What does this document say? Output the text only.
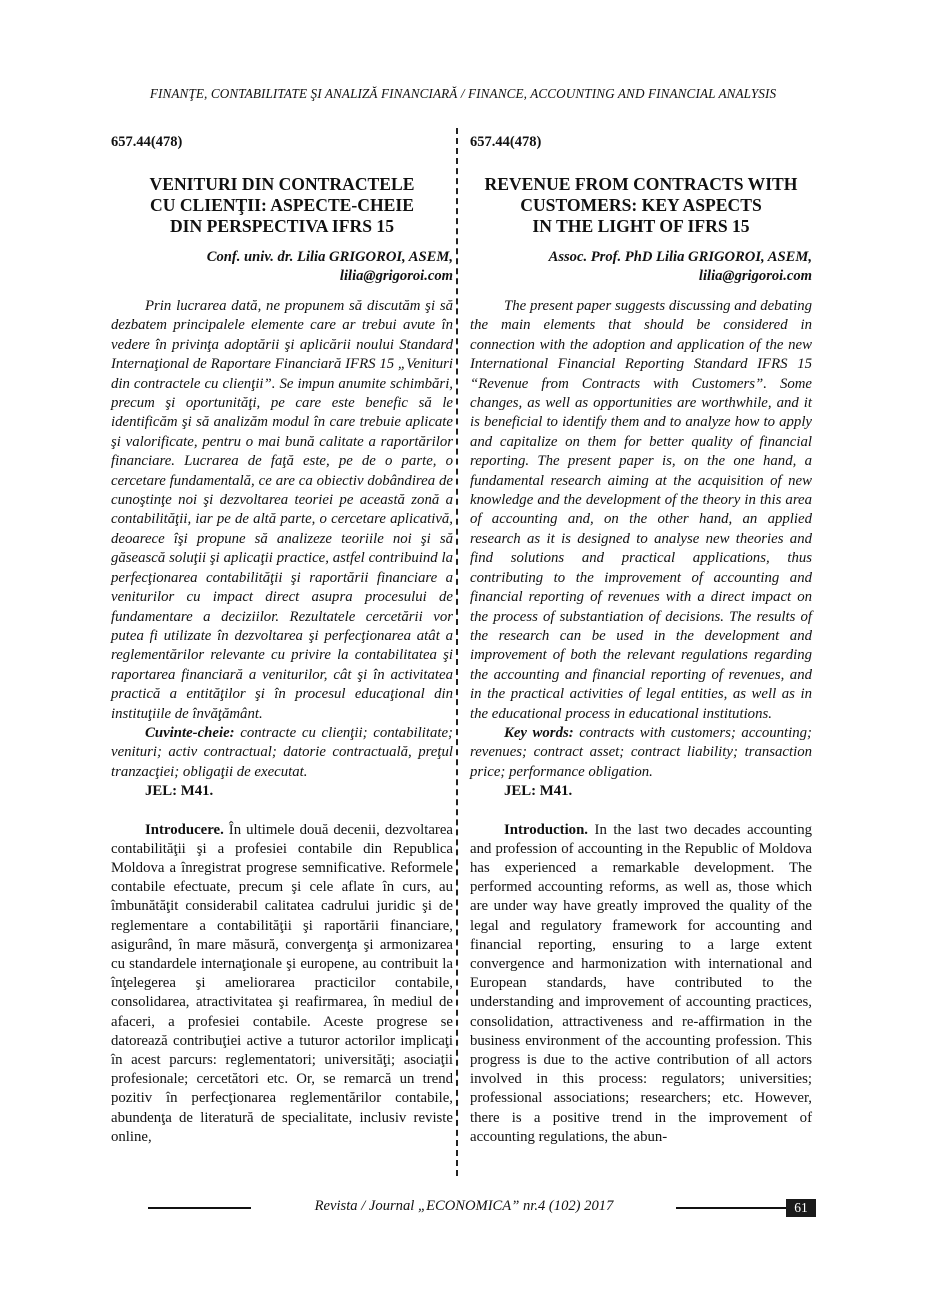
FINANŢE, CONTABILITATE ŞI ANALIZĂ FINANCIARĂ / FINANCE, ACCOUNTING AND FINANCIAL ANALYSIS

657.44(478)

VENITURI DIN CONTRACTELE
CU CLIENŢII: ASPECTE-CHEIE
DIN PERSPECTIVA IFRS 15
Conf. univ. dr. Lilia GRIGOROI, ASEM,
lilia@grigoroi.com

Prin lucrarea dată, ne propunem să discutăm şi să dezbatem principalele elemente care ar trebui avute în vedere în privinţa adoptării şi aplicării noului Standard Internaţional de Raportare Financiară IFRS 15 „Venituri din contractele cu clienţii”. Se impun anumite schimbări, precum şi oportunităţi, pe care este benefic să le identificăm şi să analizăm modul în care trebuie aplicate şi valorificate, pentru o mai bună calitate a raportărilor financiare. Lucrarea de faţă este, pe de o parte, o cercetare fundamentală, ce are ca obiectiv dobândirea de cunoştinţe noi şi dezvoltarea teoriei pe această zonă a contabilităţii, iar pe de altă parte, o cercetare aplicativă, deoarece îşi propune să analizeze teoriile noi şi să găsească soluţii şi aplicaţii practice, astfel contribuind la perfecţionarea contabilităţii şi raportării financiare a veniturilor cu impact direct asupra procesului de fundamentare a deciziilor. Rezultatele cercetării vor putea fi utilizate în dezvoltarea şi perfecţionarea atât a reglementărilor relevante cu privire la contabilitatea şi raportarea financiară a veniturilor, cât şi în activitatea practică a entităţilor şi în procesul educaţional din instituţiile de învăţământ.

Cuvinte-cheie: contracte cu clienţii; contabilitate; venituri; activ contractual; datorie contractuală, preţul tranzacţiei; obligaţii de executat.

JEL: M41.

Introducere. În ultimele două decenii, dezvoltarea contabilităţii şi a profesiei contabile din Republica Moldova a înregistrat progrese semnificative. Reformele contabile efectuate, precum şi cele aflate în curs, au îmbunătăţit considerabil calitatea cadrului juridic şi de reglementare a contabilităţii şi raportării financiare, asigurând, în mare măsură, convergenţa şi armonizarea cu standardele internaţionale şi europene, au contribuit la înţelegerea şi ameliorarea practicilor contabile, consolidarea, atractivitatea şi reafirmarea, în mediul de afaceri, a profesiei contabile. Aceste progrese se datorează contribuţiei active a tuturor actorilor implicaţi în acest parcurs: reglementatori; universităţi; asociaţii profesionale; cercetători etc. Or, se remarcă un trend pozitiv în perfecţionarea reglementărilor contabile, abundenţa de literatură de specialitate, inclusiv reviste online,

657.44(478)

REVENUE FROM CONTRACTS WITH
CUSTOMERS: KEY ASPECTS
IN THE LIGHT OF IFRS 15
Assoc. Prof. PhD Lilia GRIGOROI, ASEM,
lilia@grigoroi.com

The present paper suggests discussing and debating the main elements that should be considered in connection with the adoption and application of the new International Financial Reporting Standard IFRS 15 “Revenue from Contracts with Customers”. Some changes, as well as opportunities are worthwhile, and it is beneficial to identify them and to analyze how to apply and capitalize on them for better quality of financial reporting. The present paper is, on the one hand, a fundamental research aiming at the acquisition of new knowledge and the development of the theory in this area of accounting and, on the other hand, an applied research as it is designed to analyse new theories and find solutions and practical applications, thus contributing to the improvement of accounting and financial reporting of revenues with a direct impact on the process of substantiation of decisions. The results of the research can be used in the development and improvement of both the relevant regulations regarding the accounting and financial reporting of revenues, and in the practical activities of legal entities, as well as in the educational process in educational institutions.

Key words: contracts with customers; accounting; revenues; contract asset; contract liability; transaction price; performance obligation.

JEL: M41.

Introduction. In the last two decades accounting and profession of accounting in the Republic of Moldova has experienced a remarkable development. The performed accounting reforms, as well as, those which are under way have greatly improved the quality of the legal and regulatory framework for accounting and financial reporting, ensuring to a large extent convergence and harmonization with international and European standards, have contributed to the understanding and improvement of accounting practices, consolidation, attractiveness and re-affirmation in the business environment of the accounting profession. This progress is due to the active contribution of all actors involved in this process: regulators; universities; professional associations; researchers; etc. However, there is a positive trend in the improvement of accounting regulations, the abun-

Revista / Journal „ECONOMICA” nr.4 (102) 2017	61
